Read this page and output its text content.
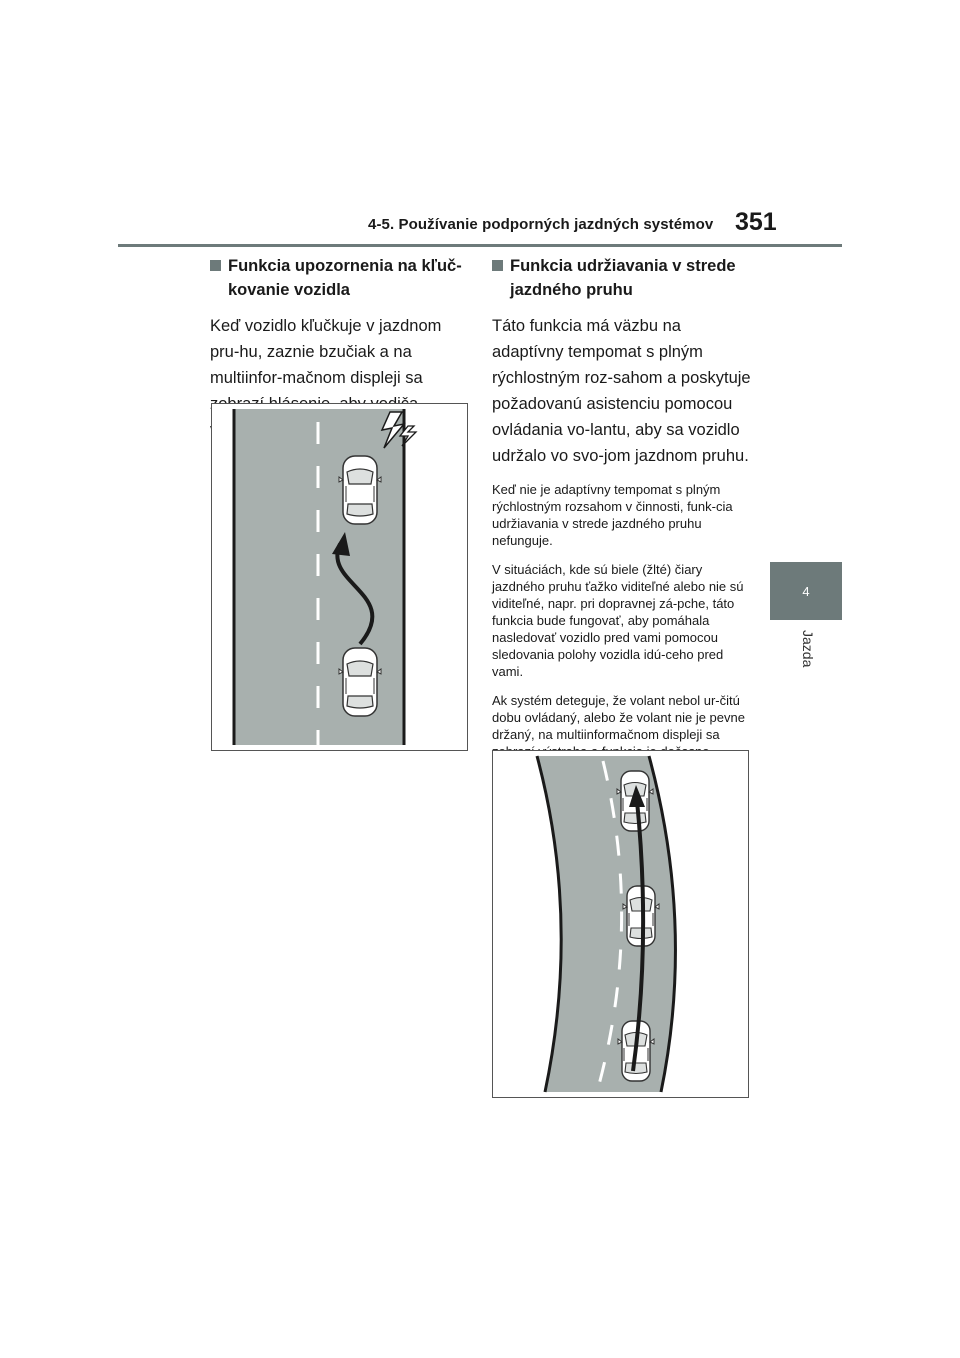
4-5. Používanie podporných jazdných systémov 351
4
Jazda

Funkcia upozornenia na kľuč-kovanie vozidla

Keď vozidlo kľučkuje v jazdnom pru-hu, zaznie bzučiak a na multiinfor-mačnom displeji sa

Funkcia udržiavania v strede jazdného pruhu

Táto funkcia má väzbu na adaptívny tempomat s plným rýchlostným roz-sahom a poskytuje požadovanú asistenciu pomocou ovládania vo-lantu, aby sa vozidlo udržalo vo svo-jom jazdnom pruhu.

Keď nie je adaptívny tempomat s plným rýchlostným rozsahom v činnosti, funk-cia udržiavania v strede jazdného pruhu nefunguje.

V situáciách, kde sú biele (žlté) čiary jazdného pruhu ťažko viditeľné alebo nie sú viditeľné, napr. pri dopravnej zá-pche, táto funkcia bude fungovať, aby pomáhala nasledovať vozidlo pred vami pomocou sledovania polohy vozidla idú-ceho pred vami.

Ak systém deteguje, že volant nebol ur-čitú dobu ovládaný, alebo že volant nie je pevne držaný, na multiinformačnom displeji sa
